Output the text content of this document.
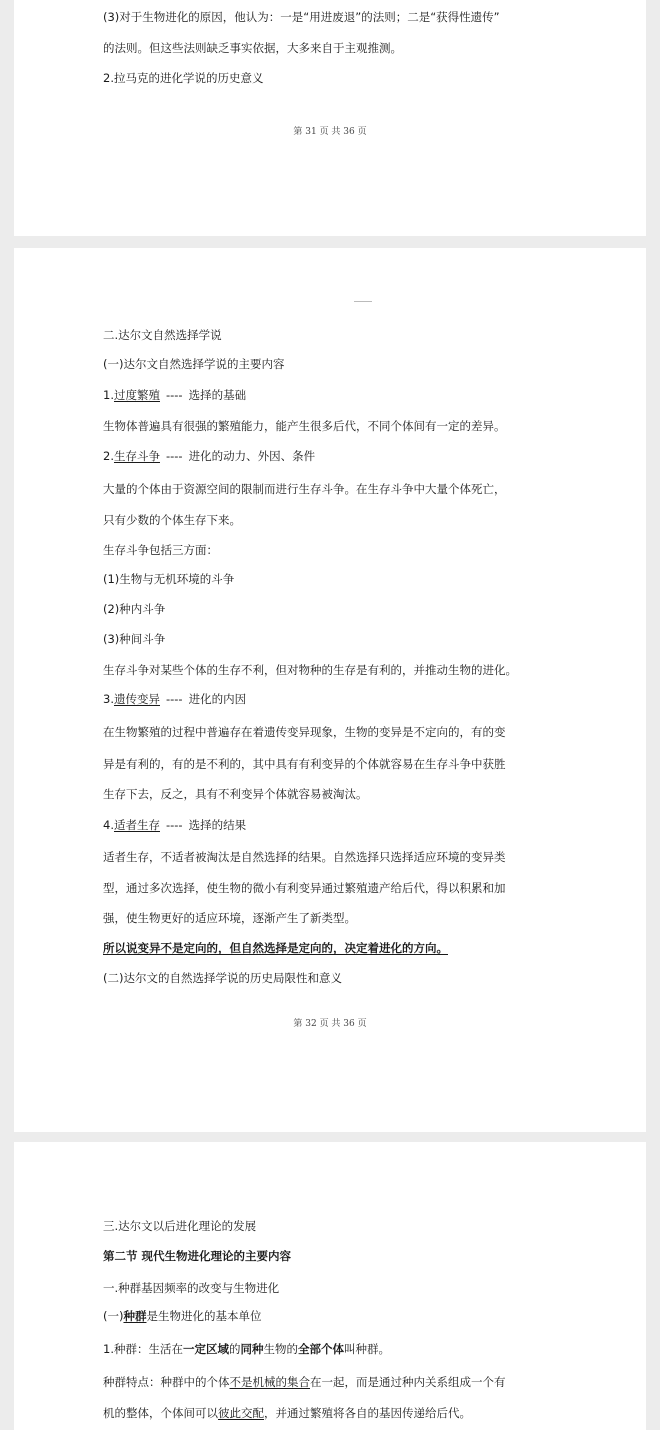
(3)对于生物进化的原因，他认为：一是“用进废退”的法则；二是“获得性遗传”
的法则。但这些法则缺乏事实依据，大多来自于主观推测。
2.拉马克的进化学说的历史意义
第 31 页 共 36 页
二.达尔文自然选择学说
(一)达尔文自然选择学说的主要内容
1.过度繁殖 ---- 选择的基础
生物体普遍具有很强的繁殖能力，能产生很多后代，不同个体间有一定的差异。
2.生存斗争 ---- 进化的动力、外因、条件
大量的个体由于资源空间的限制而进行生存斗争。在生存斗争中大量个体死亡，
只有少数的个体生存下来。
生存斗争包括三方面：
(1)生物与无机环境的斗争
(2)种内斗争
(3)种间斗争
生存斗争对某些个体的生存不利，但对物种的生存是有利的，并推动生物的进化。
3.遗传变异 ---- 进化的内因
在生物繁殖的过程中普遍存在着遗传变异现象，生物的变异是不定向的，有的变
异是有利的，有的是不利的，其中具有有利变异的个体就容易在生存斗争中获胜
生存下去，反之，具有不利变异个体就容易被淘汰。
4.适者生存 ---- 选择的结果
适者生存，不适者被淘汰是自然选择的结果。自然选择只选择适应环境的变异类
型，通过多次选择，使生物的微小有利变异通过繁殖遗产给后代，得以积累和加
强，使生物更好的适应环境，逐渐产生了新类型。
所以说变异不是定向的，但自然选择是定向的，决定着进化的方向。
(二)达尔文的自然选择学说的历史局限性和意义
第 32 页 共 36 页
三.达尔文以后进化理论的发展
第二节 现代生物进化理论的主要内容
一.种群基因频率的改变与生物进化
(一)种群是生物进化的基本单位
1.种群：生活在一定区域的同种生物的全部个体叫种群。
种群特点：种群中的个体不是机械的集合在一起，而是通过种内关系组成一个有
机的整体，个体间可以彼此交配，并通过繁殖将各自的基因传递给后代。
